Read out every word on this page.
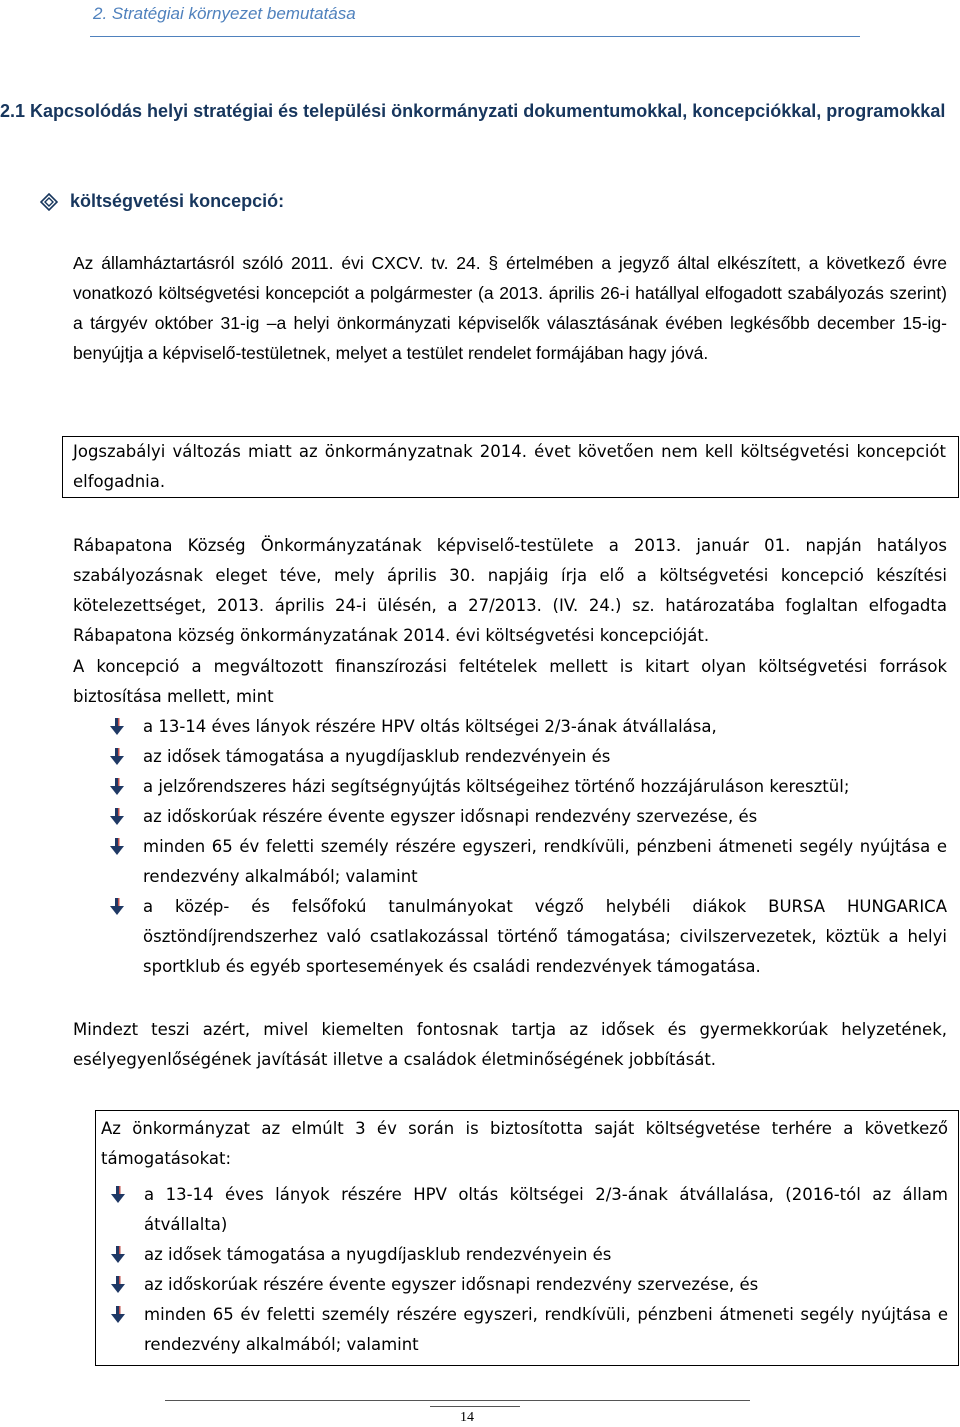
2. Stratégiai környezet bemutatása
2.1 Kapcsolódás helyi stratégiai és települési önkormányzati dokumentumokkal, koncepciókkal, programokkal
költségvetési koncepció:
Az államháztartásról szóló 2011. évi CXCV. tv. 24. § értelmében a jegyző által elkészített, a következő évre vonatkozó költségvetési koncepciót a polgármester (a 2013. április 26-i hatállyal elfogadott szabályozás szerint) a tárgyév október 31-ig –a helyi önkormányzati képviselők választásának évében legkésőbb december 15-ig- benyújtja a képviselő-testületnek, melyet a testület rendelet formájában hagy jóvá.
Jogszabályi változás miatt az önkormányzatnak 2014. évet követően nem kell költségvetési koncepciót elfogadnia.
Rábapatona Község Önkormányzatának képviselő-testülete a 2013. január 01. napján hatályos szabályozásnak eleget téve, mely április 30. napjáig írja elő a költségvetési koncepció készítési kötelezettséget, 2013. április 24-i ülésén, a 27/2013. (IV. 24.) sz. határozatába foglaltan elfogadta Rábapatona község önkormányzatának 2014. évi költségvetési koncepcióját.
A koncepció a megváltozott finanszírozási feltételek mellett is kitart olyan költségvetési források biztosítása mellett, mint
a 13-14 éves lányok részére HPV oltás költségei 2/3-ának átvállalása,
az idősek támogatása a nyugdíjasklub rendezvényein és
a jelzőrendszeres házi segítségnyújtás költségeihez történő hozzájáruláson keresztül;
az időskorúak részére évente egyszer idősnapi rendezvény szervezése, és
minden 65 év feletti személy részére egyszeri, rendkívüli, pénzbeni átmeneti segély nyújtása e rendezvény alkalmából; valamint
a közép- és felsőfokú tanulmányokat végző helybéli diákok BURSA HUNGARICA ösztöndíjrendszerhez való csatlakozással történő támogatása; civilszervezetek, köztük a helyi sportklub és egyéb sportesemények és családi rendezvények támogatása.
Mindezt teszi azért, mivel kiemelten fontosnak tartja az idősek és gyermekkorúak helyzetének, esélyegyenlőségének javítását illetve a családok életminőségének jobbítását.
Az önkormányzat az elmúlt 3 év során is biztosította saját költségvetése terhére a következő támogatásokat:
a 13-14 éves lányok részére HPV oltás költségei 2/3-ának átvállalása, (2016-tól az állam átvállalta)
az idősek támogatása a nyugdíjasklub rendezvényein és
az időskorúak részére évente egyszer idősnapi rendezvény szervezése, és
minden 65 év feletti személy részére egyszeri, rendkívüli, pénzbeni átmeneti segély nyújtása e rendezvény alkalmából; valamint
14
